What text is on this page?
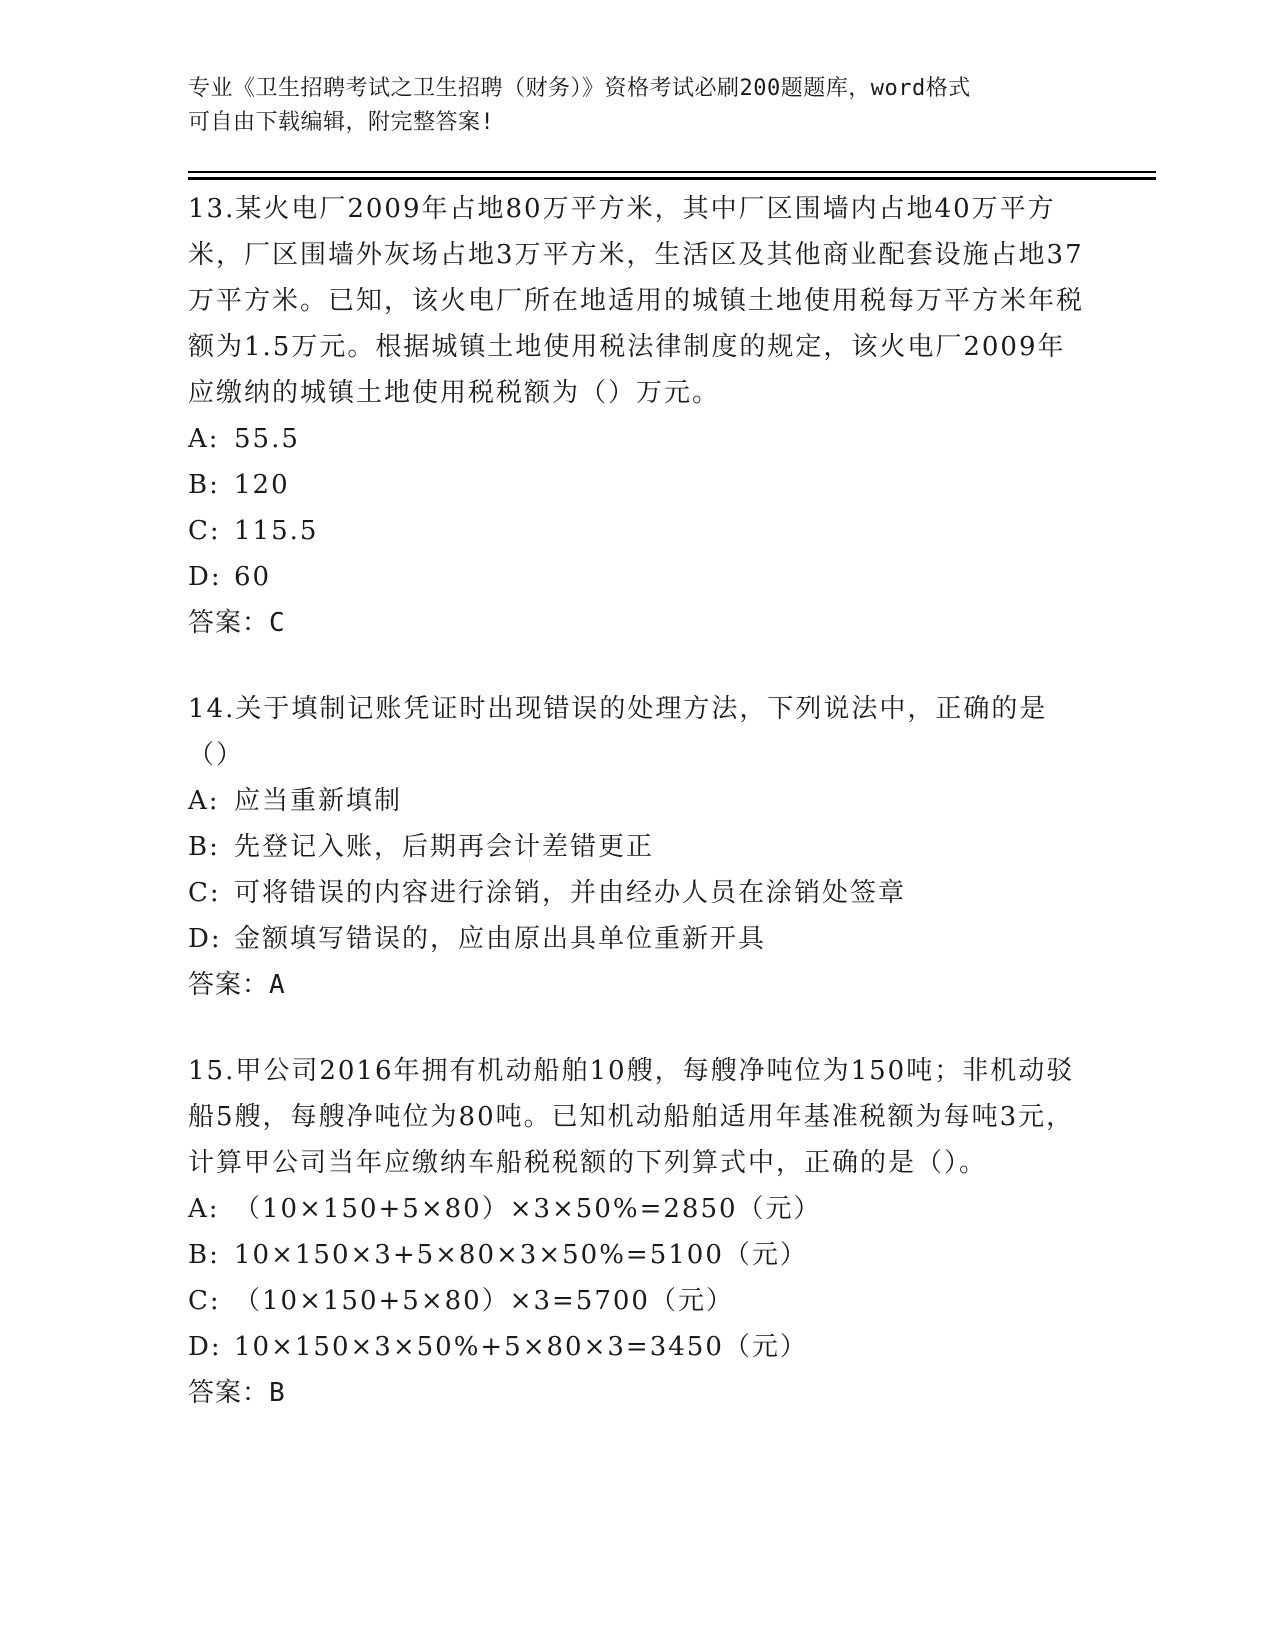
专业《卫生招聘考试之卫生招聘（财务）》资格考试必刷200题题库，word格式
可自由下载编辑，附完整答案!

13.某火电厂2009年占地80万平方米，其中厂区围墙内占地40万平方米，厂区围墙外灰场占地3万平方米，生活区及其他商业配套设施占地37万平方米。已知，该火电厂所在地适用的城镇土地使用税每万平方米年税额为1.5万元。根据城镇土地使用税法律制度的规定，该火电厂2009年应缴纳的城镇土地使用税税额为（）万元。

A: 55.5
B: 120
C: 115.5
D: 60
答案：C

14.关于填制记账凭证时出现错误的处理方法，下列说法中，正确的是（）

A: 应当重新填制
B: 先登记入账，后期再会计差错更正
C: 可将错误的内容进行涂销，并由经办人员在涂销处签章
D: 金额填写错误的，应由原出具单位重新开具
答案：A

15.甲公司2016年拥有机动船舶10艘，每艘净吨位为150吨；非机动驳船5艘，每艘净吨位为80吨。已知机动船舶适用年基准税额为每吨3元，计算甲公司当年应缴纳车船税税额的下列算式中，正确的是（）。

A: （10×150+5×80）×3×50%=2850（元）
B: 10×150×3+5×80×3×50%=5100（元）
C: （10×150+5×80）×3=5700（元）
D: 10×150×3×50%+5×80×3=3450（元）
答案：B
